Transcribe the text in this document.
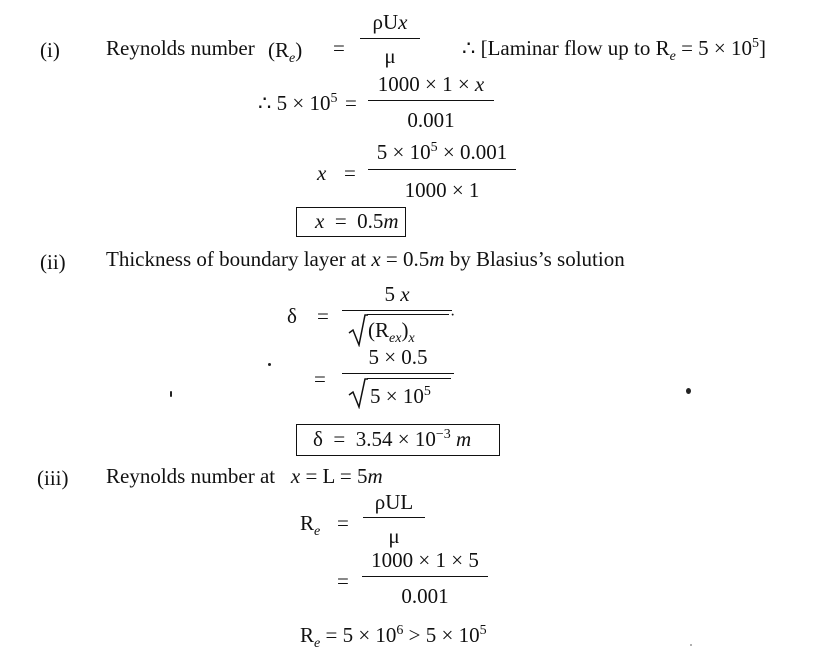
(i) Reynolds number $(R_e)$ =
ρUx
μ	∴ [Laminar flow up to $R_e = 5 \times 10^5$]
∴ $5 \times 10^5$ =
1000 × 1 × x
0.001
x =
$5 \times 10^5 \times 0.001$
1000 × 1
x = 0.5m
(ii) Thickness of boundary layer at x = 0.5m by Blasius’s solution
δ =
5 x
$(R_{ex})_x$
·
=
5 × 0.5
$5 \times 10^5$
$\delta = 3.54 \times 10^{-3}$ m
(iii) Reynolds number at x = L = 5m
$R_e$ =
ρUL
μ
=
1000 × 1 × 5
0.001
$R_e = 5 \times 10^6 > 5 \times 10^5$
